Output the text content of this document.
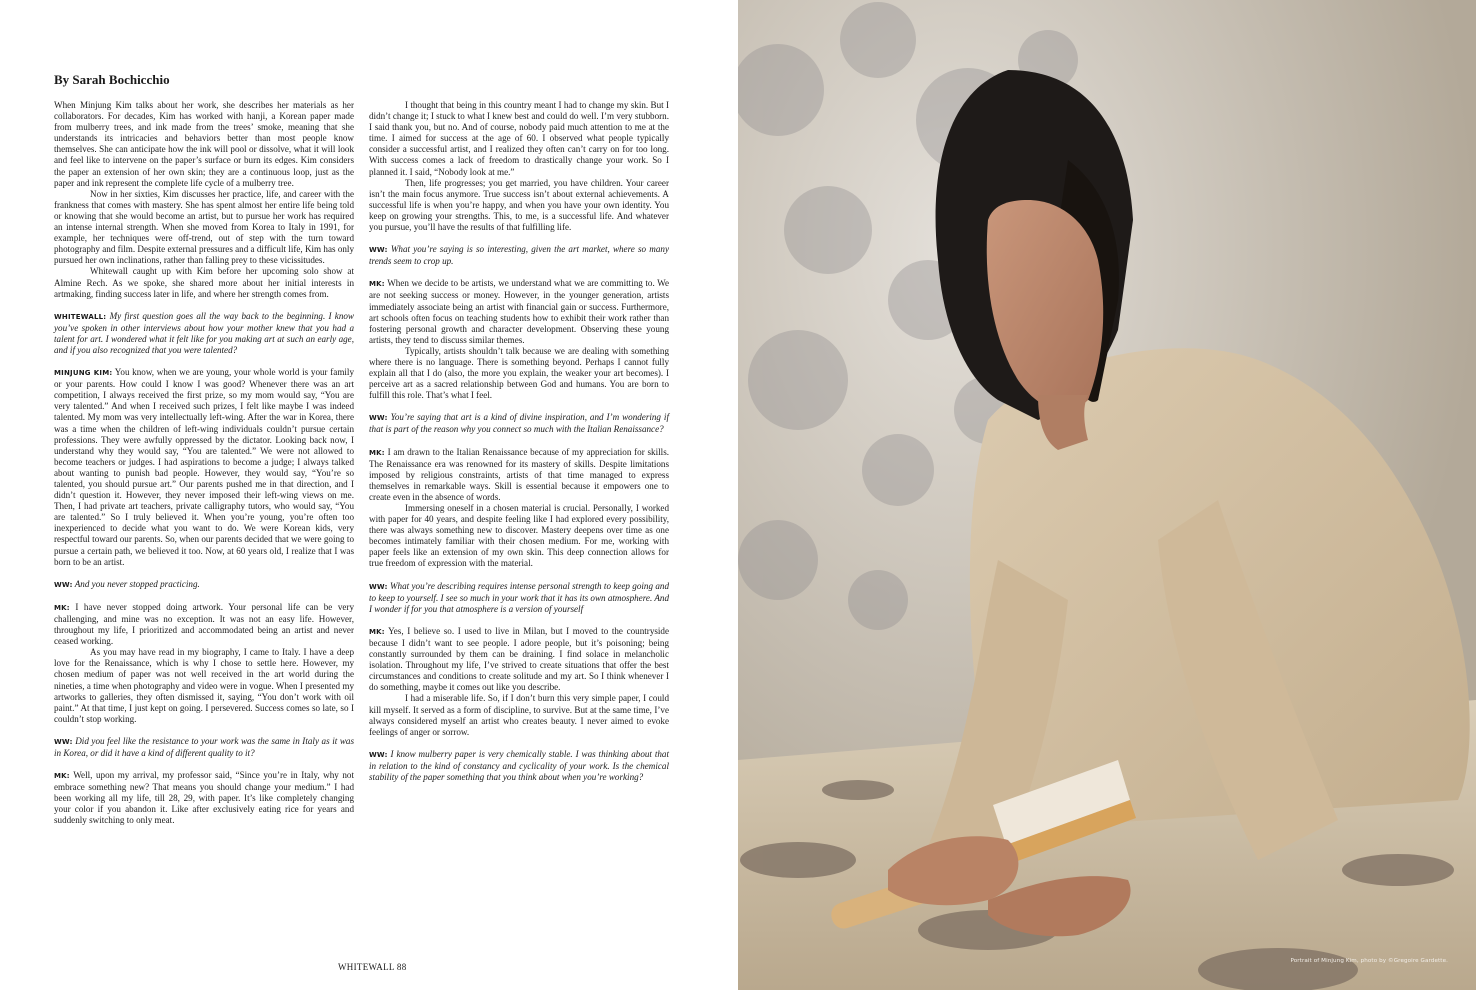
By Sarah Bochicchio

When Minjung Kim talks about her work, she describes her materials as her collaborators. For decades, Kim has worked with hanji, a Korean paper made from mulberry trees, and ink made from the trees’ smoke, meaning that she understands its intricacies and behaviors better than most people know themselves. She can anticipate how the ink will pool or dissolve, what it will look and feel like to intervene on the paper’s surface or burn its edges. Kim considers the paper an extension of her own skin; they are a continuous loop, just as the paper and ink represent the complete life cycle of a mulberry tree.

Now in her sixties, Kim discusses her practice, life, and career with the frankness that comes with mastery. She has spent almost her entire life being told or knowing that she would become an artist, but to pursue her work has required an intense internal strength. When she moved from Korea to Italy in 1991, for example, her techniques were off-trend, out of step with the turn toward photography and film. Despite external pressures and a difficult life, Kim has only pursued her own inclinations, rather than falling prey to these vicissitudes.

Whitewall caught up with Kim before her upcoming solo show at Almine Rech. As we spoke, she shared more about her initial interests in artmaking, finding success later in life, and where her strength comes from.

WHITEWALL: My first question goes all the way back to the beginning. I know you’ve spoken in other interviews about how your mother knew that you had a talent for art. I wondered what it felt like for you making art at such an early age, and if you also recognized that you were talented?

MINJUNG KIM: You know, when we are young, your whole world is your family or your parents. How could I know I was good? Whenever there was an art competition, I always received the first prize, so my mom would say, “You are very talented.” And when I received such prizes, I felt like maybe I was indeed talented. My mom was very intellectually left-wing. After the war in Korea, there was a time when the children of left-wing individuals couldn’t pursue certain professions. They were awfully oppressed by the dictator. Looking back now, I understand why they would say, “You are talented.” We were not allowed to become teachers or judges. I had aspirations to become a judge; I always talked about wanting to punish bad people. However, they would say, “You’re so talented, you should pursue art.” Our parents pushed me in that direction, and I didn’t question it. However, they never imposed their left-wing views on me. Then, I had private art teachers, private calligraphy tutors, who would say, “You are talented.” So I truly believed it. When you’re young, you’re often too inexperienced to decide what you want to do. We were Korean kids, very respectful toward our parents. So, when our parents decided that we were going to pursue a certain path, we believed it too. Now, at 60 years old, I realize that I was born to be an artist.

WW: And you never stopped practicing.

MK: I have never stopped doing artwork. Your personal life can be very challenging, and mine was no exception. It was not an easy life. However, throughout my life, I prioritized and accommodated being an artist and never ceased working.

As you may have read in my biography, I came to Italy. I have a deep love for the Renaissance, which is why I chose to settle here. However, my chosen medium of paper was not well received in the art world during the nineties, a time when photography and video were in vogue. When I presented my artworks to galleries, they often dismissed it, saying, “You don’t work with oil paint.” At that time, I just kept on going. I persevered. Success comes so late, so I couldn’t stop working.

WW: Did you feel like the resistance to your work was the same in Italy as it was in Korea, or did it have a kind of different quality to it?

MK: Well, upon my arrival, my professor said, “Since you’re in Italy, why not embrace something new? That means you should change your medium.” I had been working all my life, till 28, 29, with paper. It’s like completely changing your color if you abandon it. Like after exclusively eating rice for years and suddenly switching to only meat.

I thought that being in this country meant I had to change my skin. But I didn’t change it; I stuck to what I knew best and could do well. I’m very stubborn. I said thank you, but no. And of course, nobody paid much attention to me at the time. I aimed for success at the age of 60. I observed what people typically consider a successful artist, and I realized they often can’t carry on for too long. With success comes a lack of freedom to drastically change your work. So I planned it. I said, “Nobody look at me.”

Then, life progresses; you get married, you have children. Your career isn’t the main focus anymore. True success isn’t about external achievements. A successful life is when you’re happy, and when you have your own identity. You keep on growing your strengths. This, to me, is a successful life. And whatever you pursue, you’ll have the results of that fulfilling life.

WW: What you’re saying is so interesting, given the art market, where so many trends seem to crop up.

MK: When we decide to be artists, we understand what we are committing to. We are not seeking success or money. However, in the younger generation, artists immediately associate being an artist with financial gain or success. Furthermore, art schools often focus on teaching students how to exhibit their work rather than fostering personal growth and character development. Observing these young artists, they tend to discuss similar themes.

Typically, artists shouldn’t talk because we are dealing with something where there is no language. There is something beyond. Perhaps I cannot fully explain all that I do (also, the more you explain, the weaker your art becomes). I perceive art as a sacred relationship between God and humans. You are born to fulfill this role. That’s what I feel.

WW: You’re saying that art is a kind of divine inspiration, and I’m wondering if that is part of the reason why you connect so much with the Italian Renaissance?

MK: I am drawn to the Italian Renaissance because of my appreciation for skills. The Renaissance era was renowned for its mastery of skills. Despite limitations imposed by religious constraints, artists of that time managed to express themselves in remarkable ways. Skill is essential because it empowers one to create even in the absence of words.

Immersing oneself in a chosen material is crucial. Personally, I worked with paper for 40 years, and despite feeling like I had explored every possibility, there was always something new to discover. Mastery deepens over time as one becomes intimately familiar with their chosen medium. For me, working with paper feels like an extension of my own skin. This deep connection allows for true freedom of expression with the material.

WW: What you’re describing requires intense personal strength to keep going and to keep to yourself. I see so much in your work that it has its own atmosphere. And I wonder if for you that atmosphere is a version of yourself

MK: Yes, I believe so. I used to live in Milan, but I moved to the countryside because I didn’t want to see people. I adore people, but it’s poisoning; being constantly surrounded by them can be draining. I find solace in melancholic isolation. Throughout my life, I’ve strived to create situations that offer the best circumstances and conditions to create solitude and my art. So I think whenever I do something, maybe it comes out like you describe.

I had a miserable life. So, if I don’t burn this very simple paper, I could kill myself. It served as a form of discipline, to survive. But at the same time, I’ve always considered myself an artist who creates beauty. I never aimed to evoke feelings of anger or sorrow.

WW: I know mulberry paper is very chemically stable. I was thinking about that in relation to the kind of constancy and cyclicality of your work. Is the chemical stability of the paper something that you think about when you’re working?

WHITEWALL 88
Portrait of Minjung Kim, photo by ©Gregoire Gardette.
